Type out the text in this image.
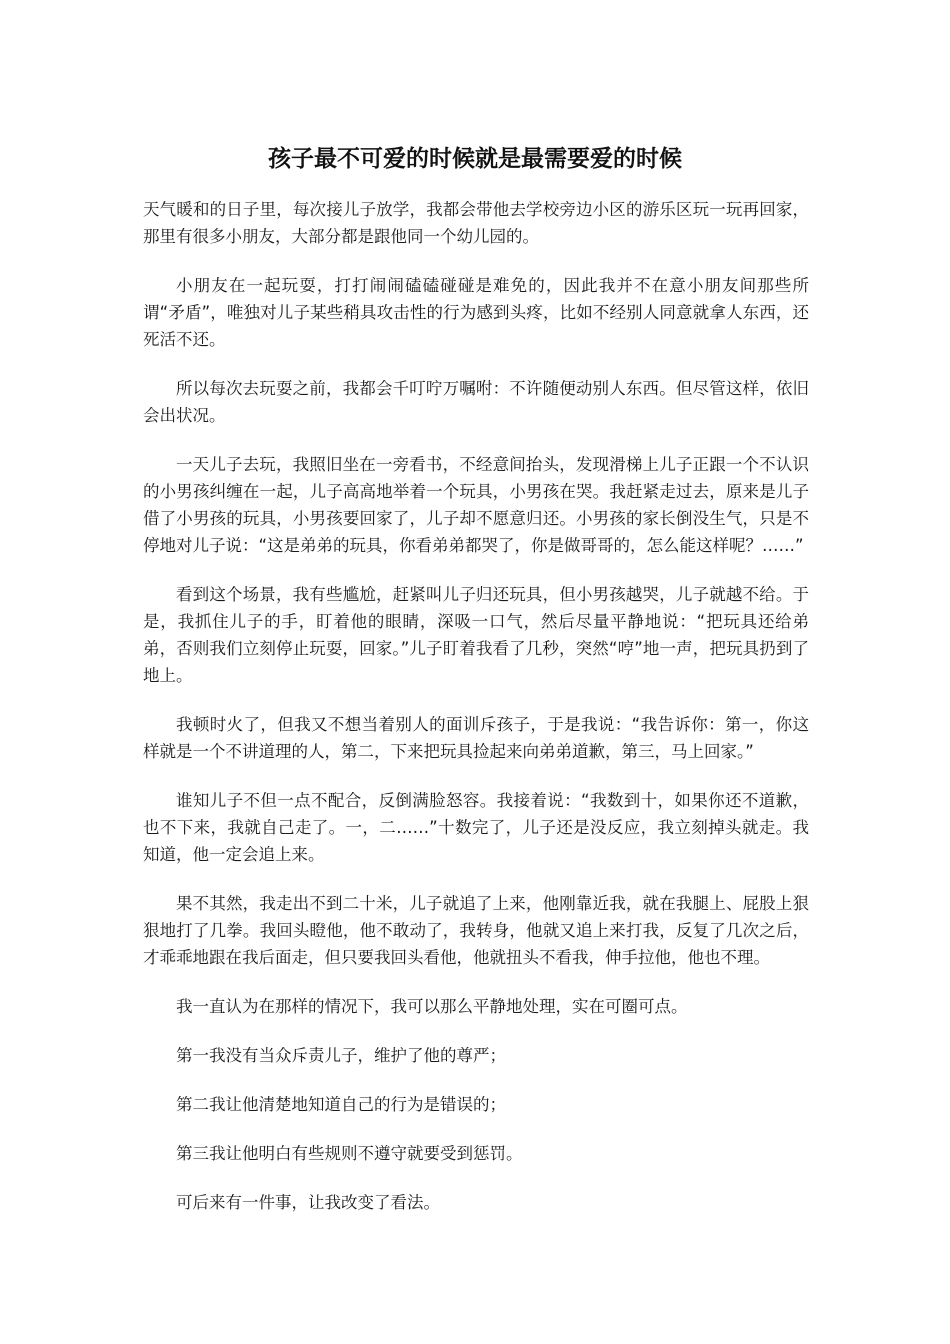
孩子最不可爱的时候就是最需要爱的时候

天气暖和的日子里，每次接儿子放学，我都会带他去学校旁边小区的游乐区玩一玩再回家，那里有很多小朋友，大部分都是跟他同一个幼儿园的。

小朋友在一起玩耍，打打闹闹磕磕碰碰是难免的，因此我并不在意小朋友间那些所谓“矛盾”，唯独对儿子某些稍具攻击性的行为感到头疼，比如不经别人同意就拿人东西，还死活不还。

所以每次去玩耍之前，我都会千叮咛万嘱咐：不许随便动别人东西。但尽管这样，依旧会出状况。

一天儿子去玩，我照旧坐在一旁看书，不经意间抬头，发现滑梯上儿子正跟一个不认识的小男孩纠缠在一起，儿子高高地举着一个玩具，小男孩在哭。我赶紧走过去，原来是儿子借了小男孩的玩具，小男孩要回家了，儿子却不愿意归还。小男孩的家长倒没生气，只是不停地对儿子说：“这是弟弟的玩具，你看弟弟都哭了，你是做哥哥的，怎么能这样呢？……”

看到这个场景，我有些尴尬，赶紧叫儿子归还玩具，但小男孩越哭，儿子就越不给。于是，我抓住儿子的手，盯着他的眼睛，深吸一口气，然后尽量平静地说：“把玩具还给弟弟，否则我们立刻停止玩耍，回家。”儿子盯着我看了几秒，突然“哼”地一声，把玩具扔到了地上。

我顿时火了，但我又不想当着别人的面训斥孩子，于是我说：“我告诉你：第一，你这样就是一个不讲道理的人，第二，下来把玩具捡起来向弟弟道歉，第三，马上回家。”

谁知儿子不但一点不配合，反倒满脸怒容。我接着说：“我数到十，如果你还不道歉，也不下来，我就自己走了。一，二……”十数完了，儿子还是没反应，我立刻掉头就走。我知道，他一定会追上来。

果不其然，我走出不到二十米，儿子就追了上来，他刚靠近我，就在我腿上、屁股上狠狠地打了几拳。我回头瞪他，他不敢动了，我转身，他就又追上来打我，反复了几次之后，才乖乖地跟在我后面走，但只要我回头看他，他就扭头不看我，伸手拉他，他也不理。

我一直认为在那样的情况下，我可以那么平静地处理，实在可圈可点。

第一我没有当众斥责儿子，维护了他的尊严；

第二我让他清楚地知道自己的行为是错误的；

第三我让他明白有些规则不遵守就要受到惩罚。

可后来有一件事，让我改变了看法。
